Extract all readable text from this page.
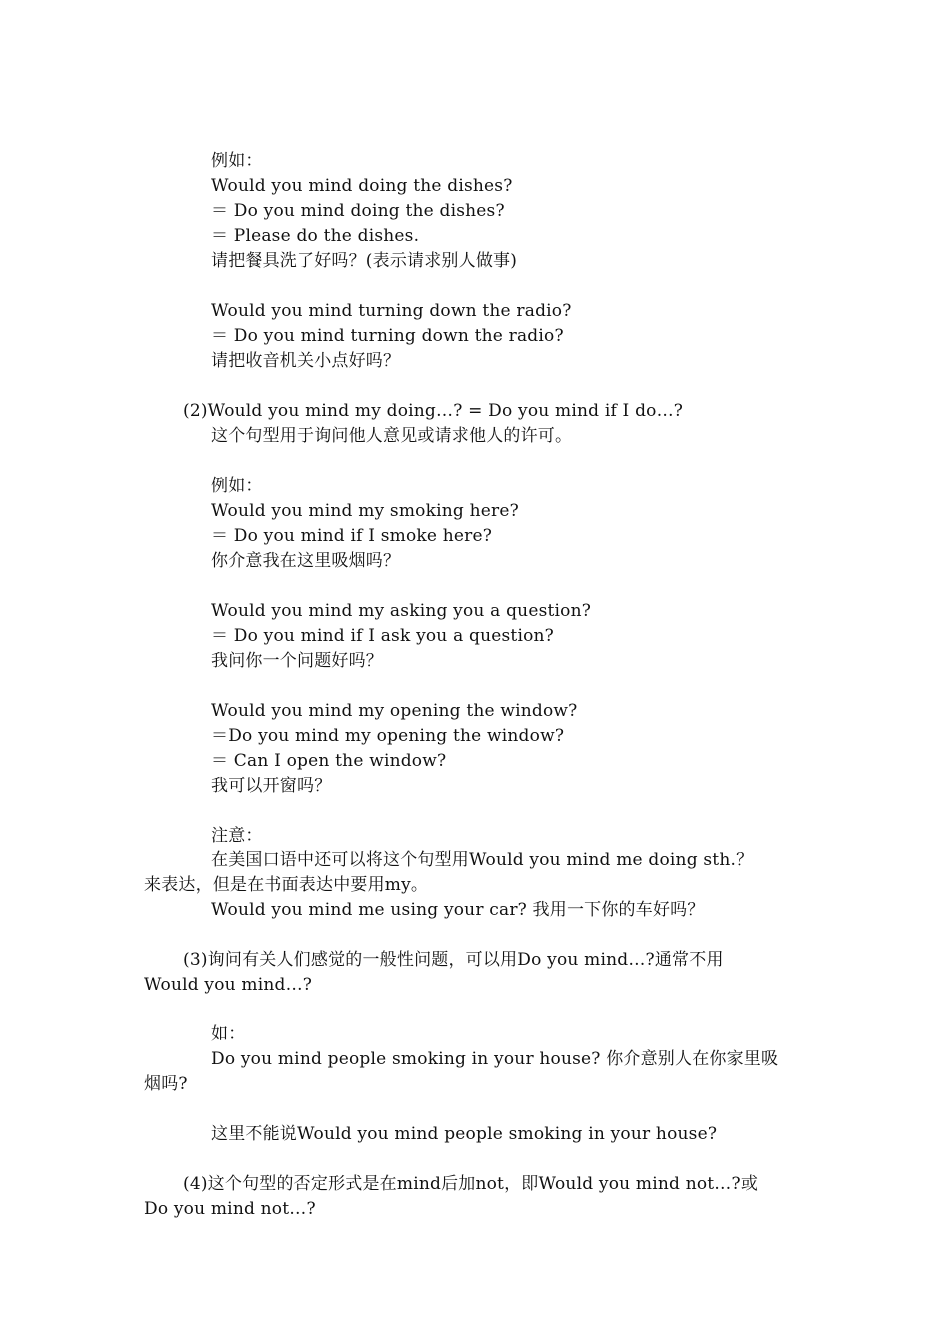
例如：
Would you mind doing the dishes?
＝ Do you mind doing the dishes?
＝ Please do the dishes.
请把餐具洗了好吗？(表示请求别人做事)
Would you mind turning down the radio?
＝ Do you mind turning down the radio?
请把收音机关小点好吗？
(2)Would you mind my doing…? = Do you mind if I do…?
这个句型用于询问他人意见或请求他人的许可。
例如：
Would you mind my smoking here?
＝ Do you mind if I smoke here?
你介意我在这里吸烟吗？
Would you mind my asking you a question?
＝ Do you mind if I ask you a question?
我问你一个问题好吗？
Would you mind my opening the window?
＝Do you mind my opening the window?
＝ Can I open the window?
我可以开窗吗？
注意：
在美国口语中还可以将这个句型用Would you mind me doing sth.？
来表达，但是在书面表达中要用my。
Would you mind me using your car? 我用一下你的车好吗？
(3)询问有关人们感觉的一般性问题，可以用Do you mind…?通常不用
Would you mind…?
如：
Do you mind people smoking in your house? 你介意别人在你家里吸
烟吗?
这里不能说Would you mind people smoking in your house?
(4)这个句型的否定形式是在mind后加not，即Would you mind not…?或
Do you mind not…?
